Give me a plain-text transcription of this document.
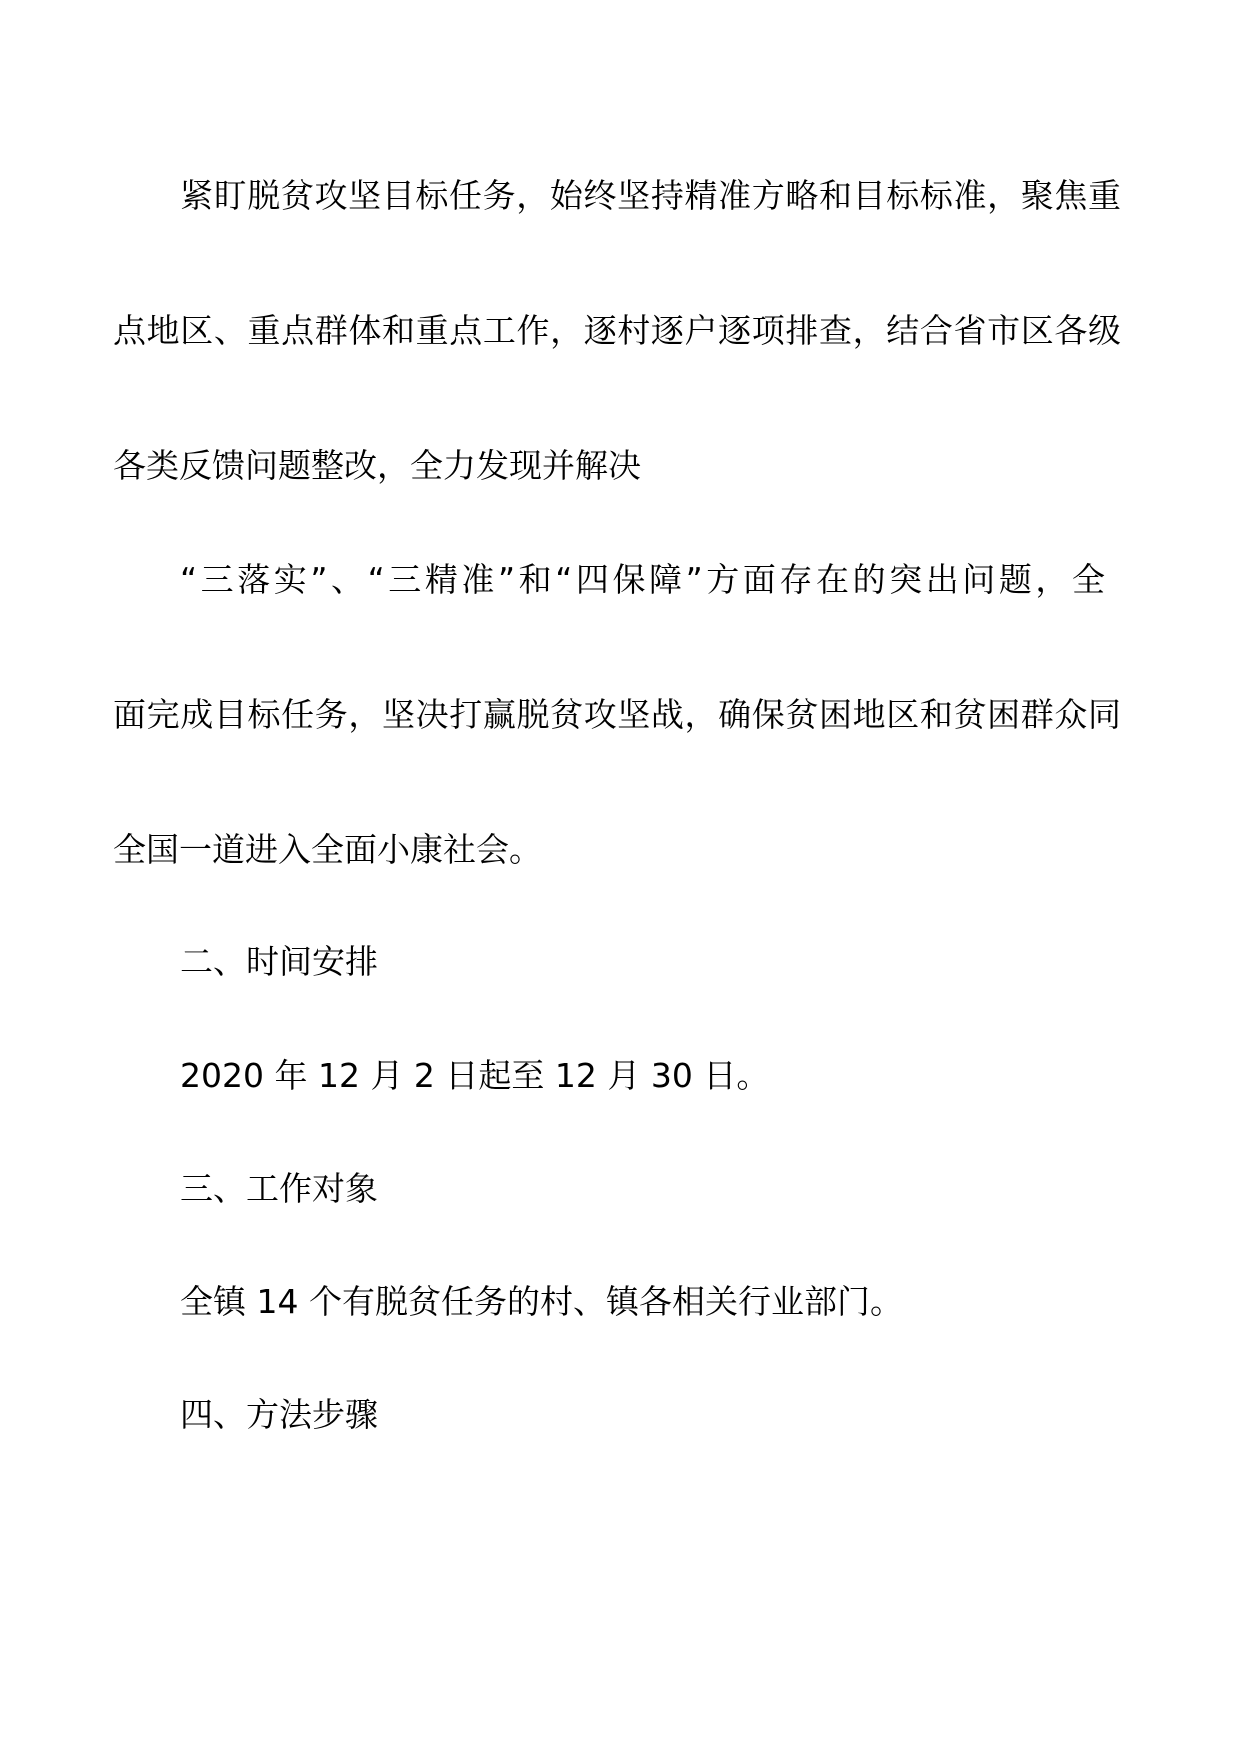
紧盯脱贫攻坚目标任务，始终坚持精准方略和目标标准，聚焦重
点地区、重点群体和重点工作，逐村逐户逐项排查，结合省市区各级
各类反馈问题整改，全力发现并解决
“三落实”、“三精准”和“四保障”方面存在的突出问题，全
面完成目标任务，坚决打赢脱贫攻坚战，确保贫困地区和贫困群众同
全国一道进入全面小康社会。
二、时间安排
2020 年 12 月 2 日起至 12 月 30 日。
三、工作对象
全镇 14 个有脱贫任务的村、镇各相关行业部门。
四、方法步骤
